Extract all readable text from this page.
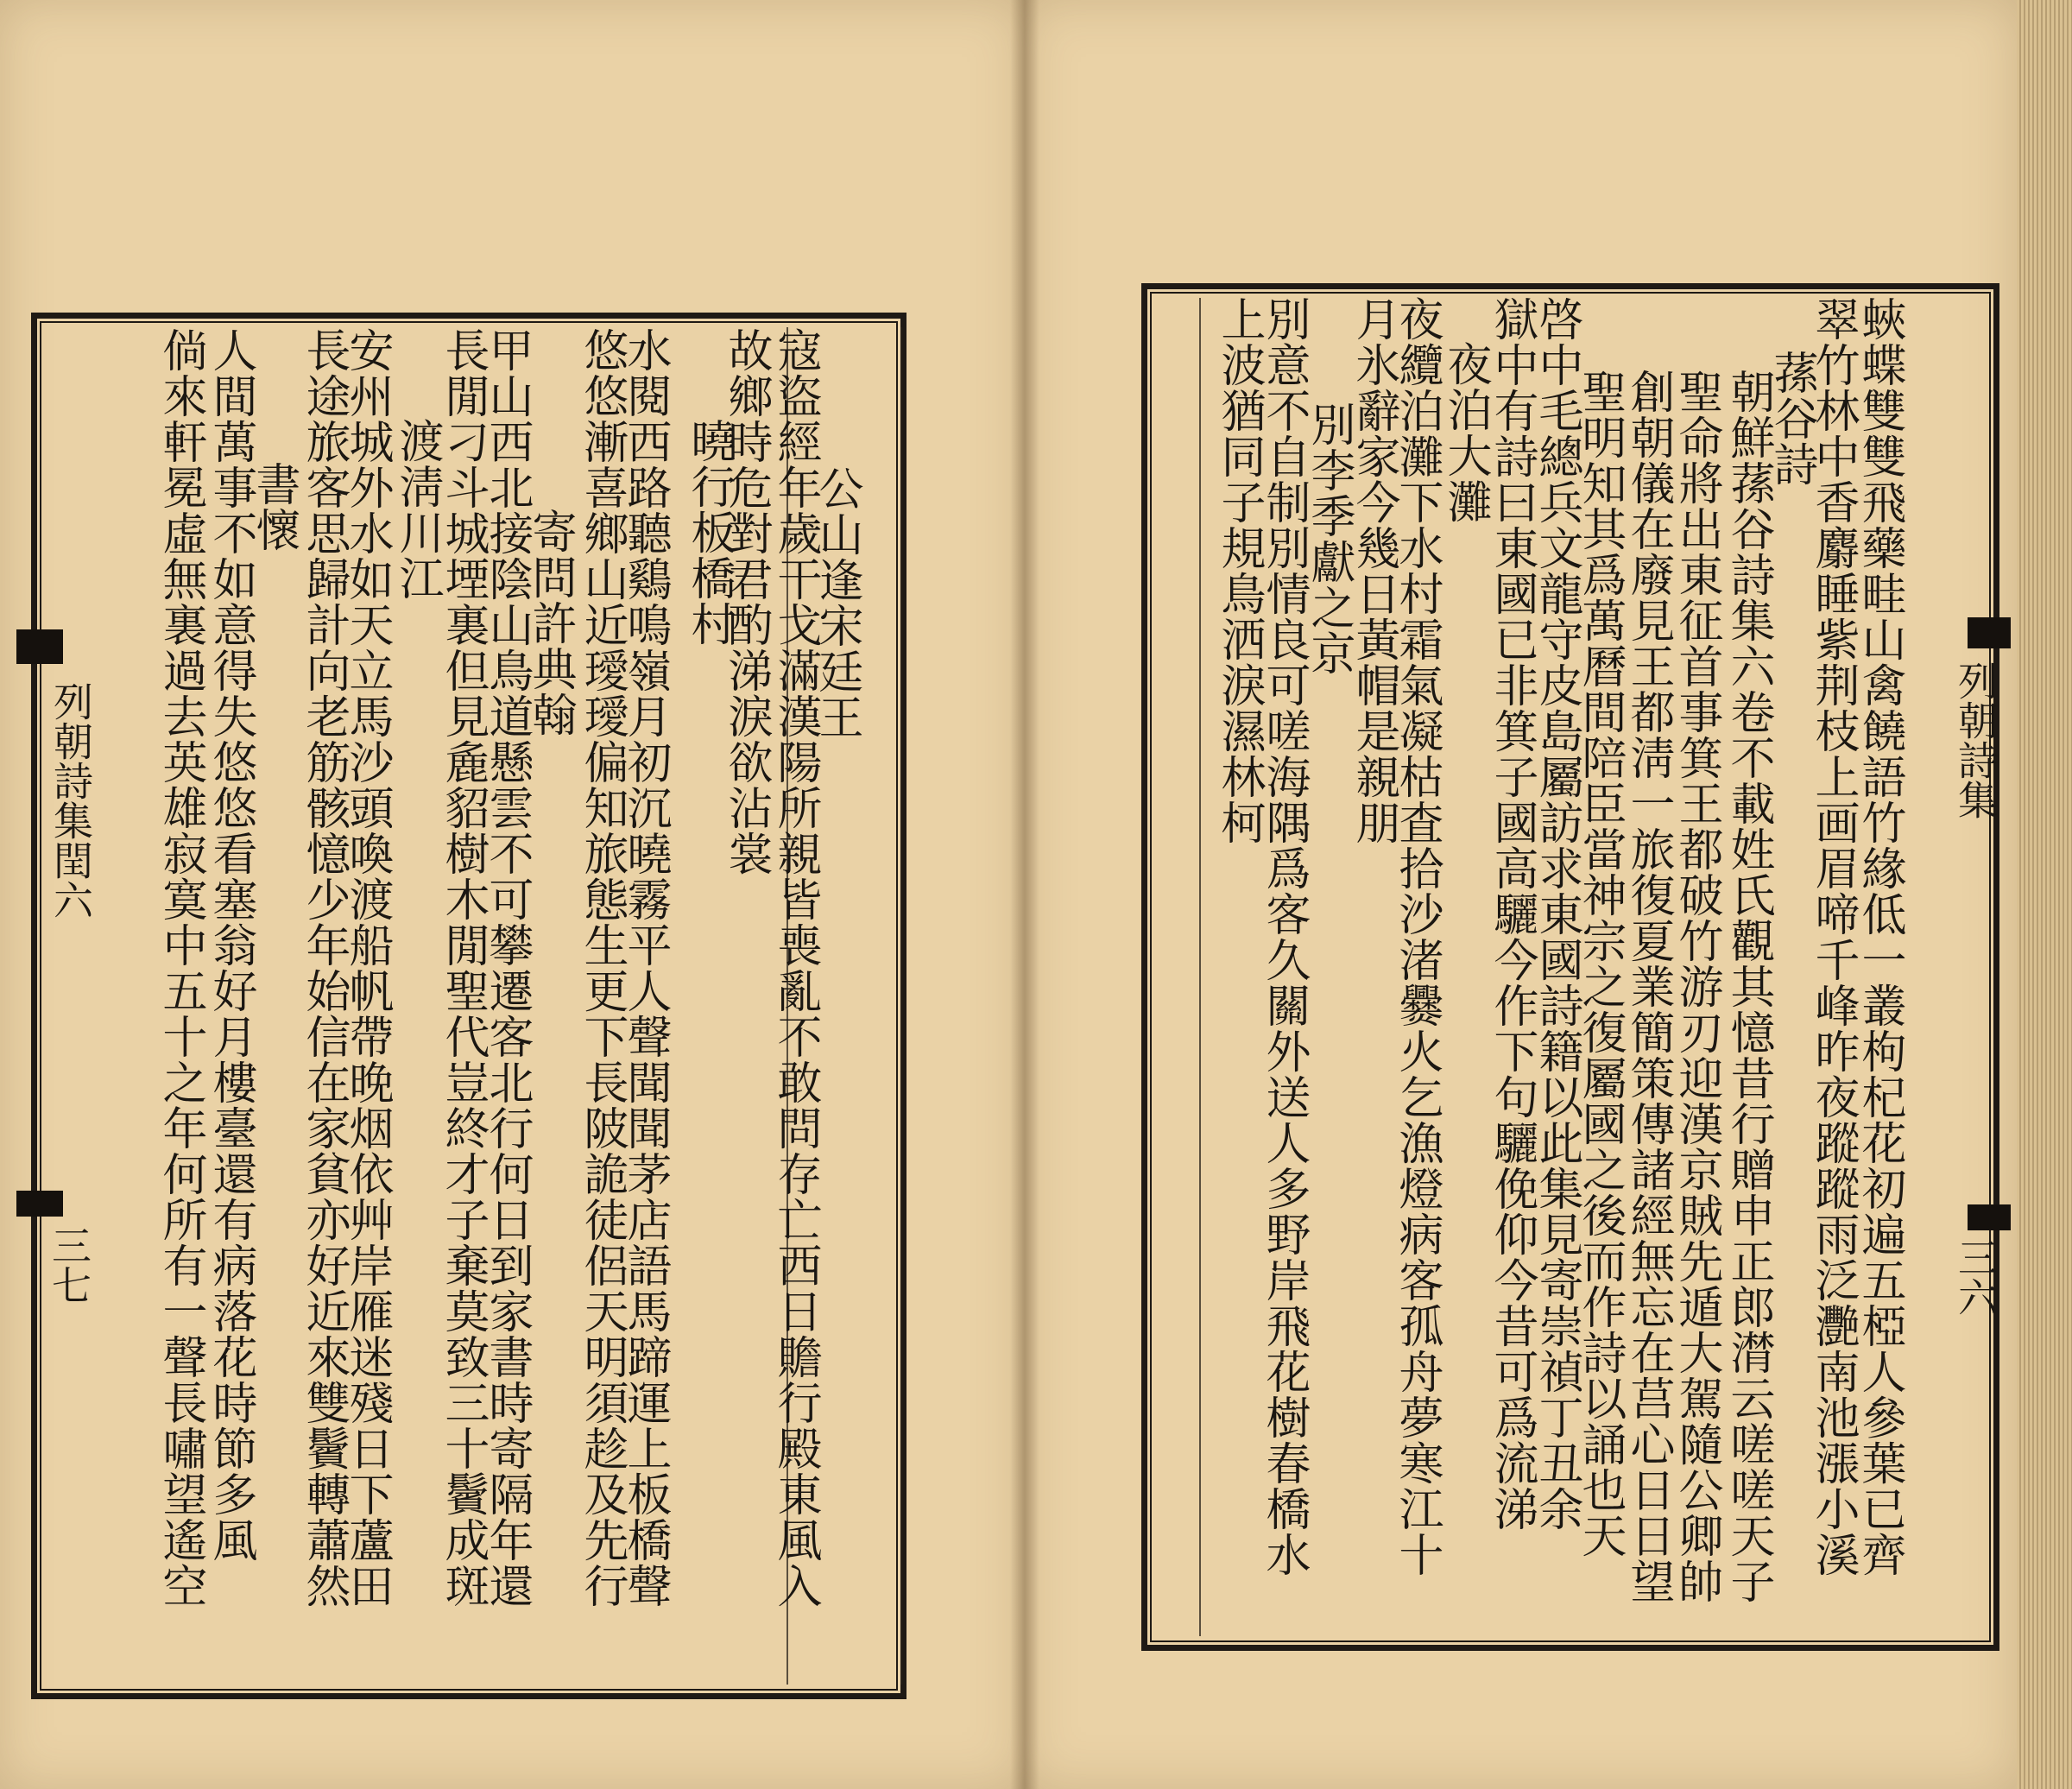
公山逢宋廷王
寇盜經年歲干戈滿漢陽所親皆喪亂不敢問存亡西日贍行殿東風入
故鄉時危對君酌涕淚欲沾裳
曉行板橋村
水閱西路聽鷄鳴嶺月初沉曉霧平人聲聞聞茅店語馬蹄運上板橋聲
悠悠漸喜鄉山近璦璦偏知旅態生更下長陂詭徒侶天明須趁及先行
寄問許典翰
甲山西北接陰山鳥道懸雲不可攀遷客北行何日到家書時寄隔年還
長閒刁斗城堙裏但見麁貂樹木閒聖代豈終才子棄莫致三十鬢成斑
渡淸川江
安州城外水如天立馬沙頭喚渡船帆帶晚烟依艸岸雁迷殘日下蘆田
長途旅客思歸計向老筋骸憶少年始信在家貧亦好近來雙鬢轉蕭然
書懷
人間萬事不如意得失悠悠看塞翁好月樓臺還有病落花時節多風
倘來軒冕虛無裏過去英雄寂寞中五十之年何所有一聲長嘯望遙空
列朝詩集閏六
三七	蛺蝶雙雙飛藥畦山禽饒語竹緣低一叢枸杞花初遍五椏人參葉已齊
翠竹林中香麝睡紫荆枝上画眉啼千峰昨夜蹤蹤雨泛灧南池漲小溪
蓀谷詩
朝鮮蓀谷詩集六卷不載姓氏觀其憶昔行贈申正郎潸云嗟嗟天子
聖命將出東征首事箕王都破竹游刃迎漢京賊先遁大駕隨公卿帥
創朝儀在廢見王都淸一旅復夏業簡策傳諸經無忘在莒心日日望
聖明知其爲萬曆間陪臣當神宗之復屬國之後而作詩以誦也天
啓中毛總兵文龍守皮島屬訪求東國詩籍以此集見寄崇禎丁丑余
獄中有詩曰東國已非箕子國高驪今作下句驪俛仰今昔可爲流涕
夜泊大灘
夜纜泊灘下水村霜氣凝枯査拾沙渚爨火乞漁燈病客孤舟夢寒江十
月氷辭家今幾日黃帽是親朋
別李季獻之京
別意不自制別情良可嗟海隅爲客久關外送人多野岸飛花樹春橋水
上波猶同子規鳥洒淚濕林柯	列朝詩集
三六
